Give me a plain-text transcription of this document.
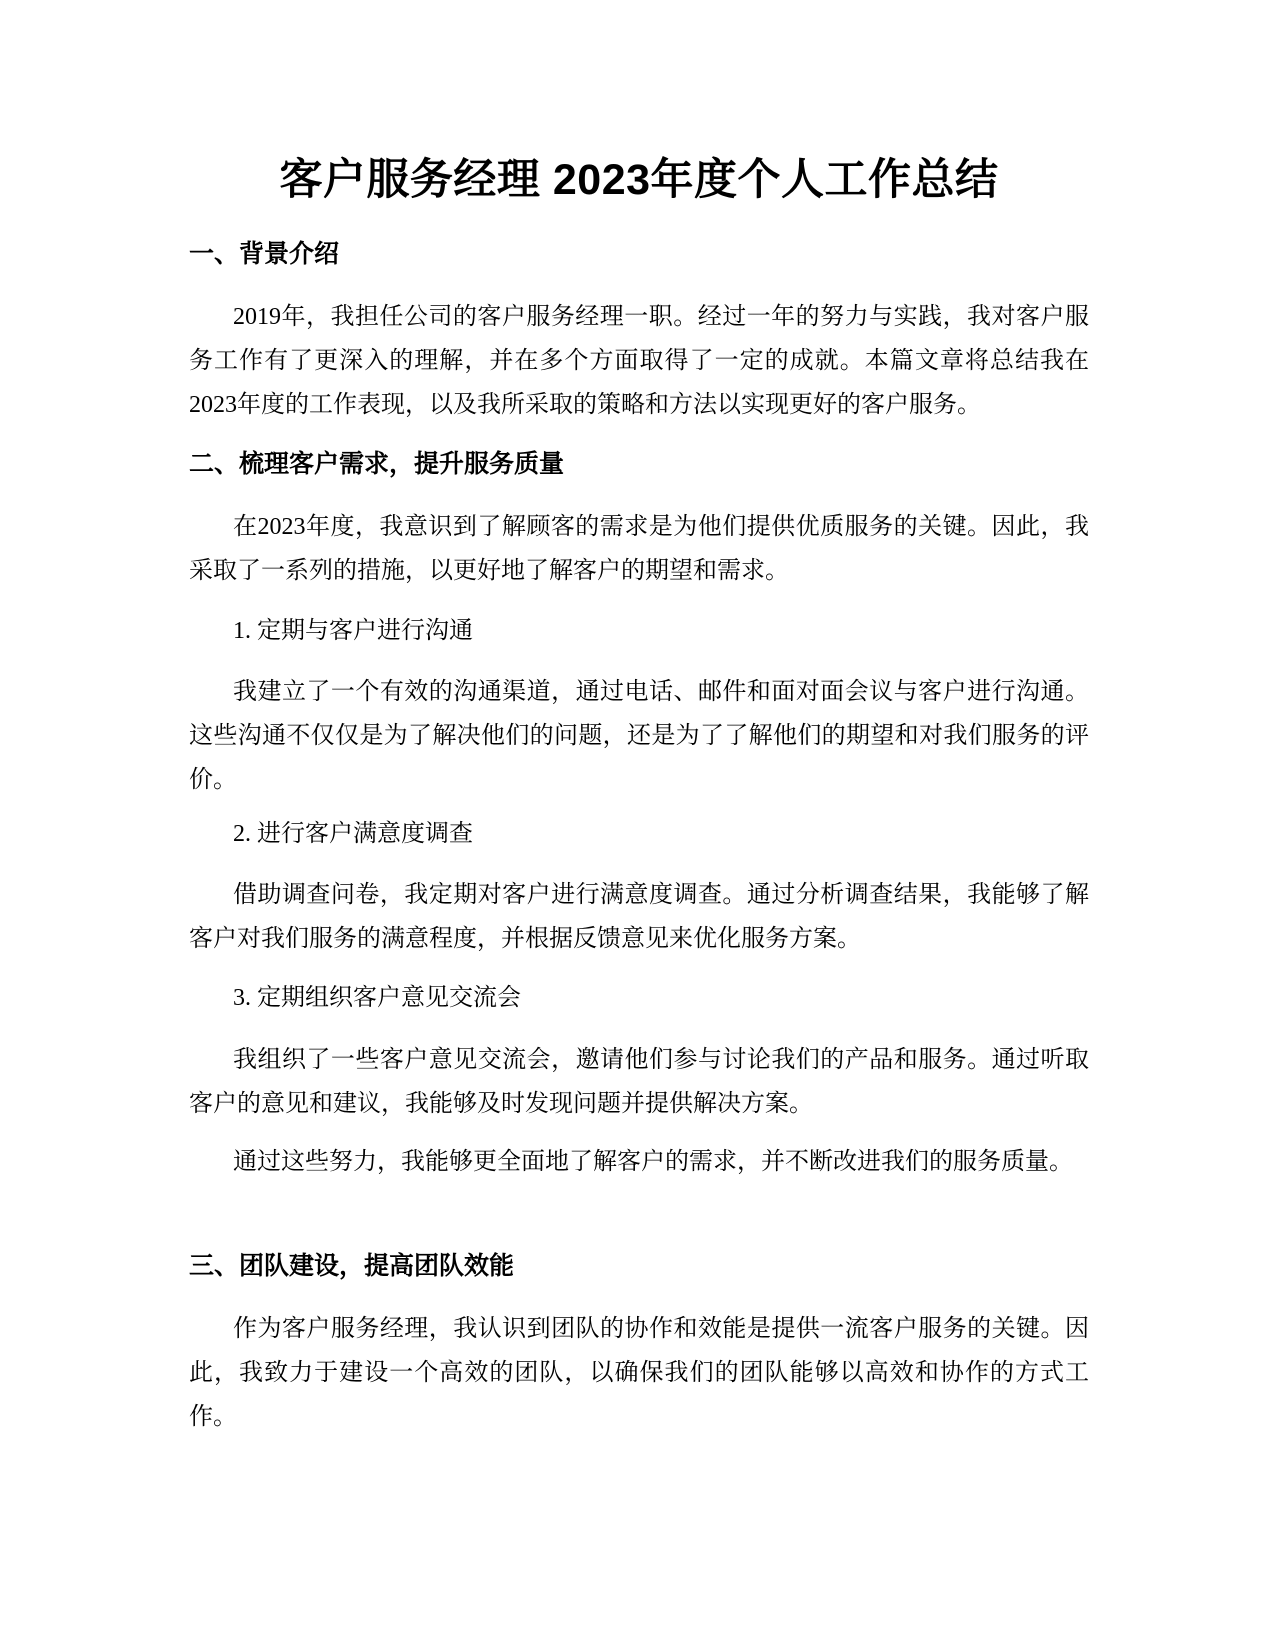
客户服务经理 2023年度个人工作总结
一、背景介绍

2019年，我担任公司的客户服务经理一职。经过一年的努力与实践，我对客户服务工作有了更深入的理解，并在多个方面取得了一定的成就。本篇文章将总结我在2023年度的工作表现，以及我所采取的策略和方法以实现更好的客户服务。

二、梳理客户需求，提升服务质量

在2023年度，我意识到了解顾客的需求是为他们提供优质服务的关键。因此，我采取了一系列的措施，以更好地了解客户的期望和需求。

1. 定期与客户进行沟通

我建立了一个有效的沟通渠道，通过电话、邮件和面对面会议与客户进行沟通。这些沟通不仅仅是为了解决他们的问题，还是为了了解他们的期望和对我们服务的评价。

2. 进行客户满意度调查

借助调查问卷，我定期对客户进行满意度调查。通过分析调查结果，我能够了解客户对我们服务的满意程度，并根据反馈意见来优化服务方案。

3. 定期组织客户意见交流会

我组织了一些客户意见交流会，邀请他们参与讨论我们的产品和服务。通过听取客户的意见和建议，我能够及时发现问题并提供解决方案。

通过这些努力，我能够更全面地了解客户的需求，并不断改进我们的服务质量。

三、团队建设，提高团队效能

作为客户服务经理，我认识到团队的协作和效能是提供一流客户服务的关键。因此，我致力于建设一个高效的团队，以确保我们的团队能够以高效和协作的方式工作。
